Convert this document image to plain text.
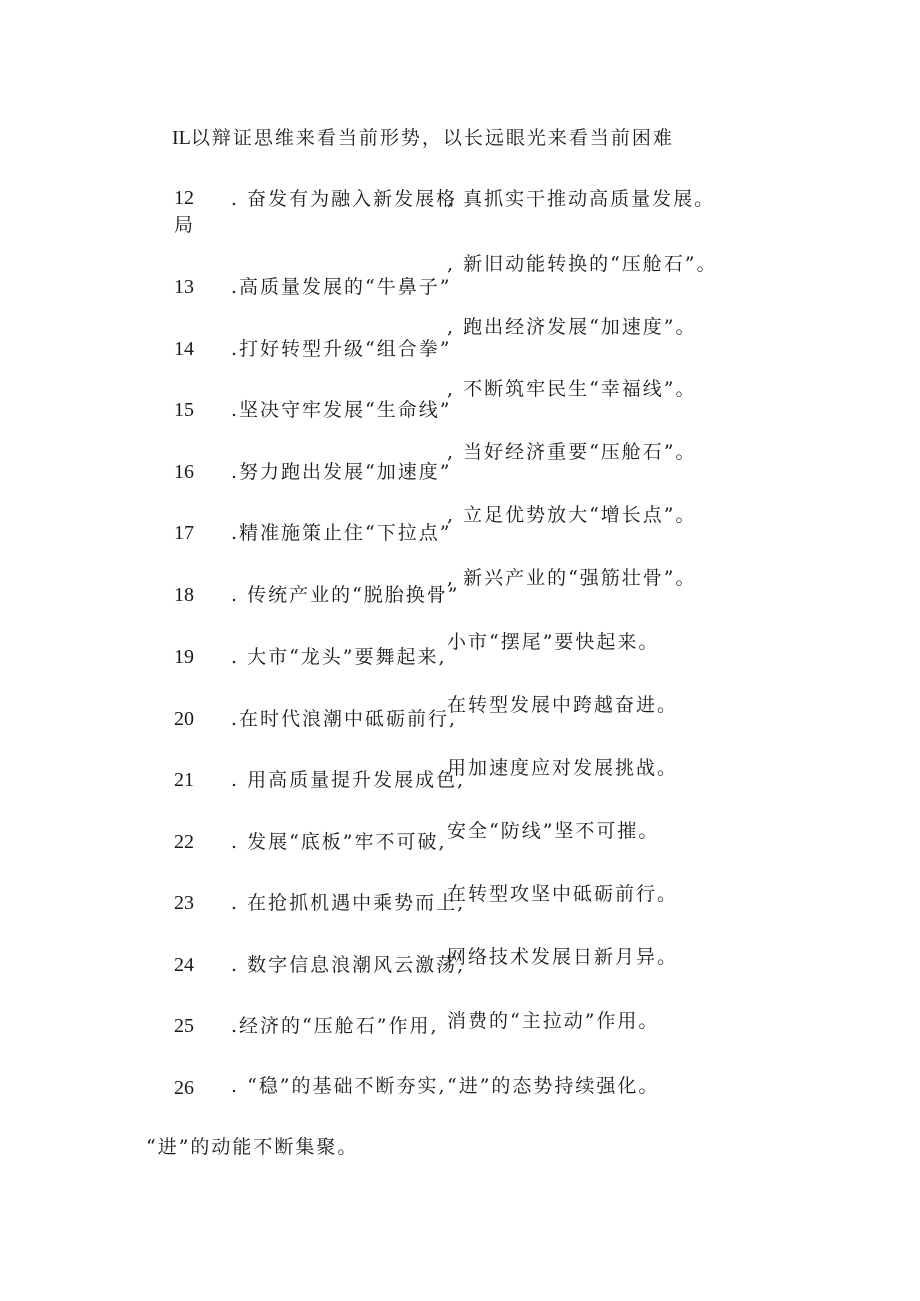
IL以辩证思维来看当前形势，以长远眼光来看当前困难
12 . 奋发有为融入新发展格
, 真抓实干推动高质量发展。
局
13 .高质量发展的“牛鼻子”
, 新旧动能转换的“压舱石”。
14 .打好转型升级“组合拳”
, 跑出经济发展“加速度”。
15 .坚决守牢发展“生命线”
, 不断筑牢民生“幸福线”。
16 .努力跑出发展“加速度”
, 当好经济重要“压舱石”。
17 .精准施策止住“下拉点”
, 立足优势放大“增长点”。
18 . 传统产业的“脱胎换骨”
, 新兴产业的“强筋壮骨”。
19 . 大市“龙头”要舞起来,
小市“摆尾”要快起来。
20 .在时代浪潮中砥砺前行,
在转型发展中跨越奋进。
21 . 用高质量提升发展成色,
用加速度应对发展挑战。
22 . 发展“底板”牢不可破, 安全“防线”坚不可摧。
23 . 在抢抓机遇中乘势而上,
在转型攻坚中砥砺前行。
24 . 数字信息浪潮风云激荡,
网络技术发展日新月异。
25 .经济的“压舱石”作用, 消费的“主拉动”作用。
26 . “稳”的基础不断夯实, “进”的态势持续强化。
“进”的动能不断集聚。
